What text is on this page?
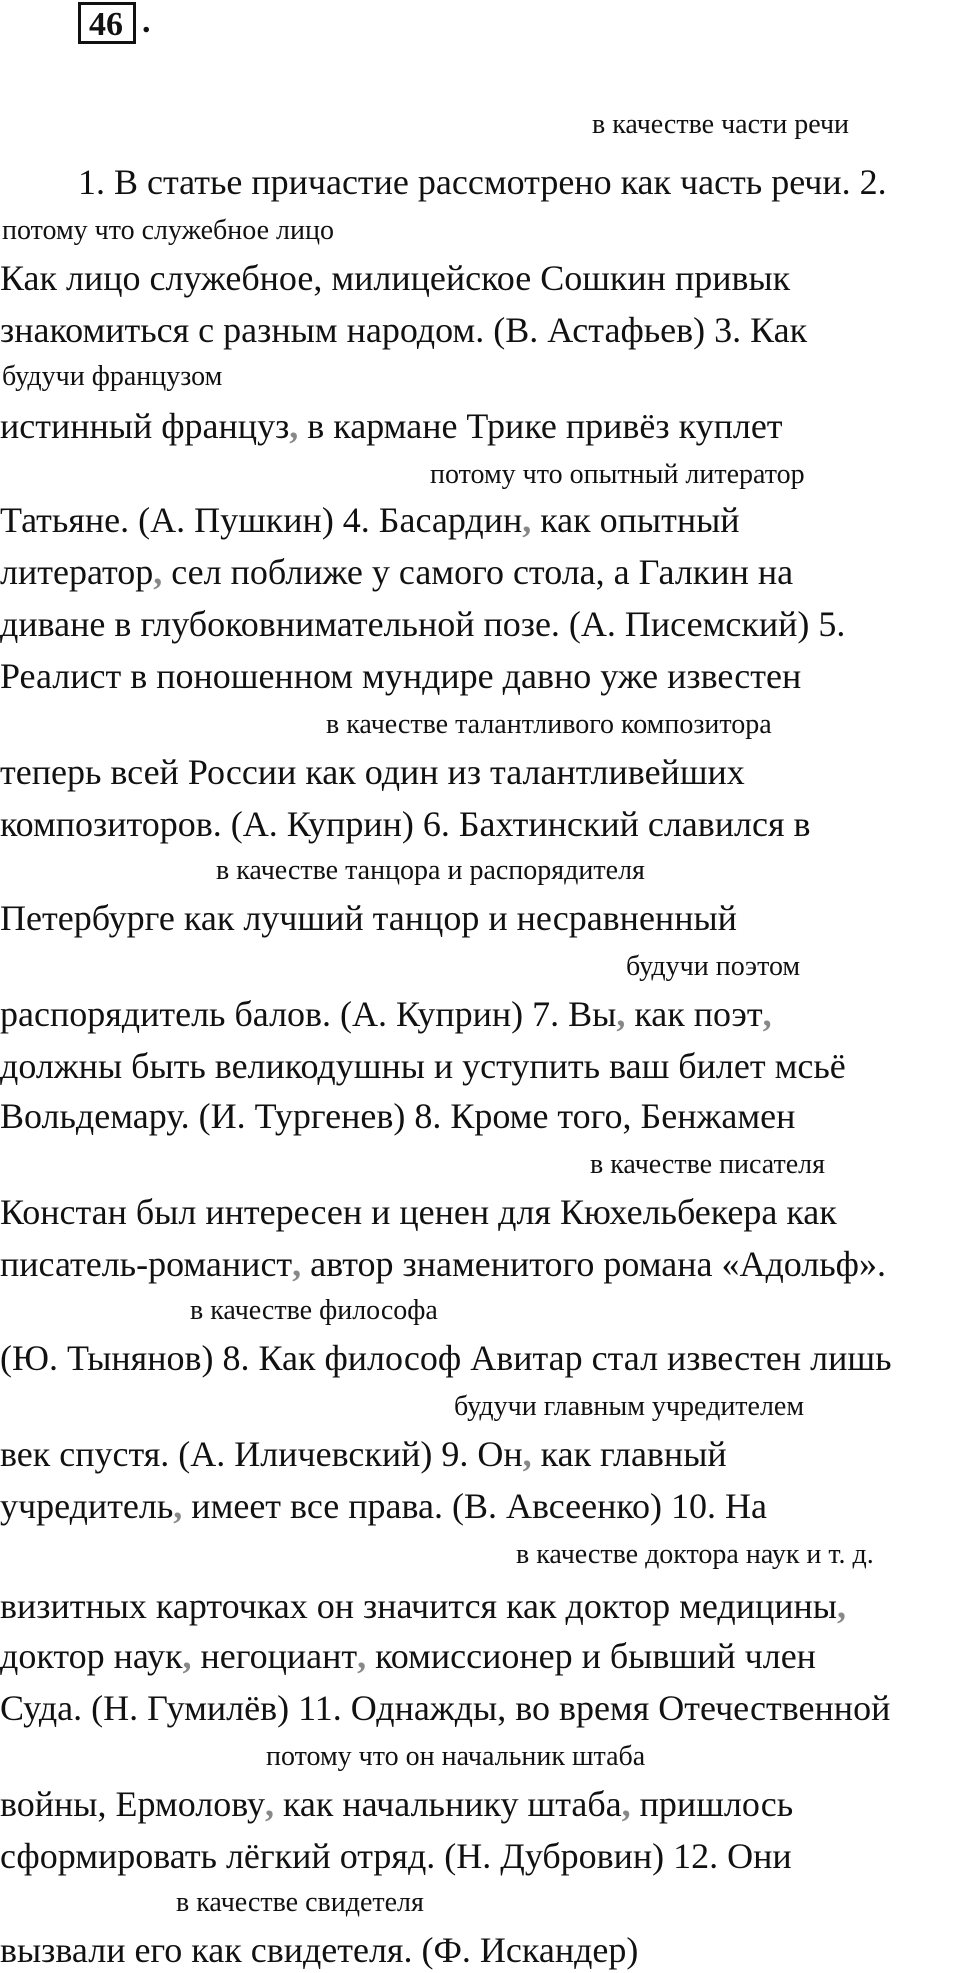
46 .
в качестве части речи
1. В статье причастие рассмотрено как часть речи. 2.
потому что служебное лицо
Как лицо служебное, милицейское Сошкин привык
знакомиться с разным народом. (В. Астафьев) 3. Как
будучи французом
истинный француз, в кармане Трике привёз куплет
потому что опытный литератор
Татьяне. (А. Пушкин) 4. Басардин, как опытный
литератор, сел поближе у самого стола, а Галкин на
диване в глубоковнимательной позе. (А. Писемский) 5.
Реалист в поношенном мундире давно уже известен
в качестве талантливого композитора
теперь всей России как один из талантливейших
композиторов. (А. Куприн) 6. Бахтинский славился в
в качестве танцора и распорядителя
Петербурге как лучший танцор и несравненный
будучи поэтом
распорядитель балов. (А. Куприн) 7. Вы, как поэт,
должны быть великодушны и уступить ваш билет мсьё
Вольдемару. (И. Тургенев) 8. Кроме того, Бенжамен
в качестве писателя
Констан был интересен и ценен для Кюхельбекера как
писатель-романист, автор знаменитого романа «Адольф».
в качестве философа
(Ю. Тынянов) 8. Как философ Авитар стал известен лишь
будучи главным учредителем
век спустя. (А. Иличевский) 9. Он, как главный
учредитель, имеет все права. (В. Авсеенко) 10. На
в качестве доктора наук и т. д.
визитных карточках он значится как доктор медицины,
доктор наук, негоциант, комиссионер и бывший член
Суда. (Н. Гумилёв) 11. Однажды, во время Отечественной
потому что он начальник штаба
войны, Ермолову, как начальнику штаба, пришлось
сформировать лёгкий отряд. (Н. Дубровин) 12. Они
в качестве свидетеля
вызвали его как свидетеля. (Ф. Искандер)
